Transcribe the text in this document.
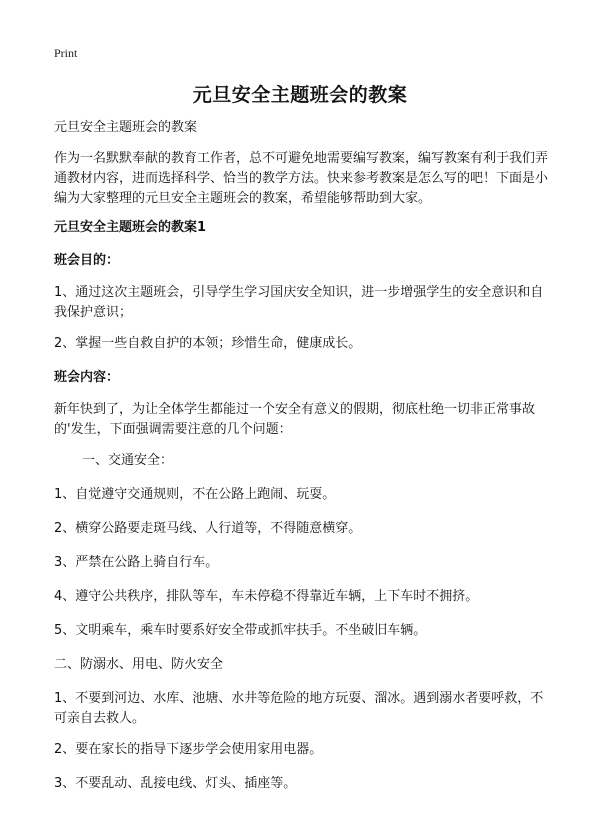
Print
元旦安全主题班会的教案

元旦安全主题班会的教案

作为一名默默奉献的教育工作者，总不可避免地需要编写教案，编写教案有利于我们弄通教材内容，进而选择科学、恰当的教学方法。快来参考教案是怎么写的吧！下面是小编为大家整理的元旦安全主题班会的教案，希望能够帮助到大家。

元旦安全主题班会的教案1

班会目的：

1、通过这次主题班会，引导学生学习国庆安全知识，进一步增强学生的安全意识和自我保护意识；

2、掌握一些自救自护的本领；珍惜生命，健康成长。

班会内容：

新年快到了，为让全体学生都能过一个安全有意义的假期，彻底杜绝一切非正常事故的'发生，下面强调需要注意的几个问题：

一、交通安全：

1、自觉遵守交通规则，不在公路上跑闹、玩耍。

2、横穿公路要走斑马线、人行道等，不得随意横穿。

3、严禁在公路上骑自行车。

4、遵守公共秩序，排队等车，车未停稳不得靠近车辆，上下车时不拥挤。

5、文明乘车，乘车时要系好安全带或抓牢扶手。不坐破旧车辆。

二、防溺水、用电、防火安全

1、不要到河边、水库、池塘、水井等危险的地方玩耍、溜冰。遇到溺水者要呼救，不可亲自去救人。

2、要在家长的指导下逐步学会使用家用电器。

3、不要乱动、乱接电线、灯头、插座等。
